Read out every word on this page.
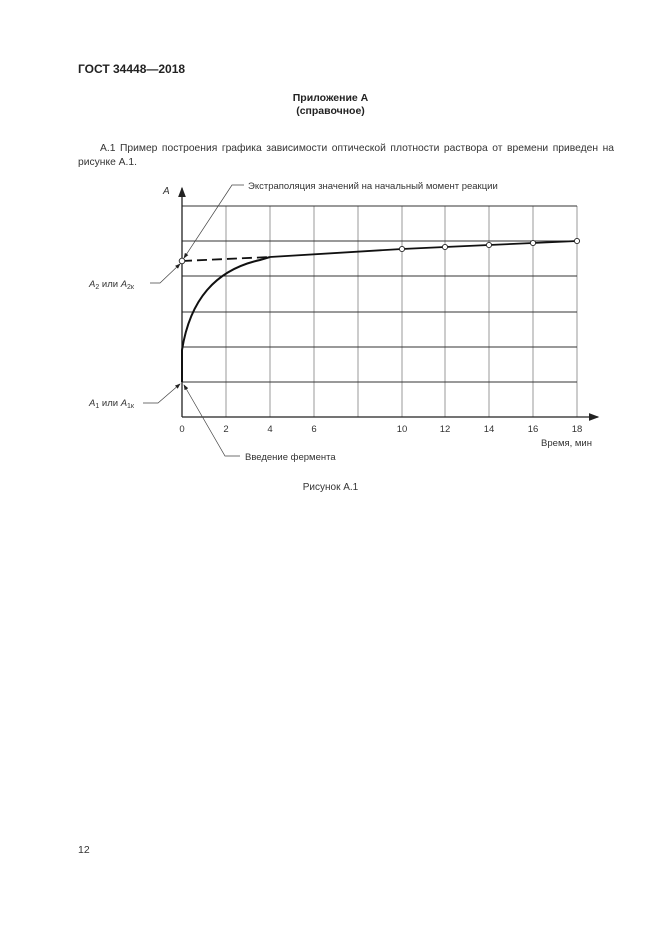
ГОСТ 34448—2018
Приложение А
(справочное)
А.1 Пример построения графика зависимости оптической плотности раствора от времени приведен на рисунке А.1.
A	Экстраполяция значений на начальный момент реакции
$A_2$ или $A_{2к}$
$A_1$ или $A_{1к}$
0	2	4	6	10	12	14	16	18
Время, мин
Введение фермента
Рисунок А.1
12
